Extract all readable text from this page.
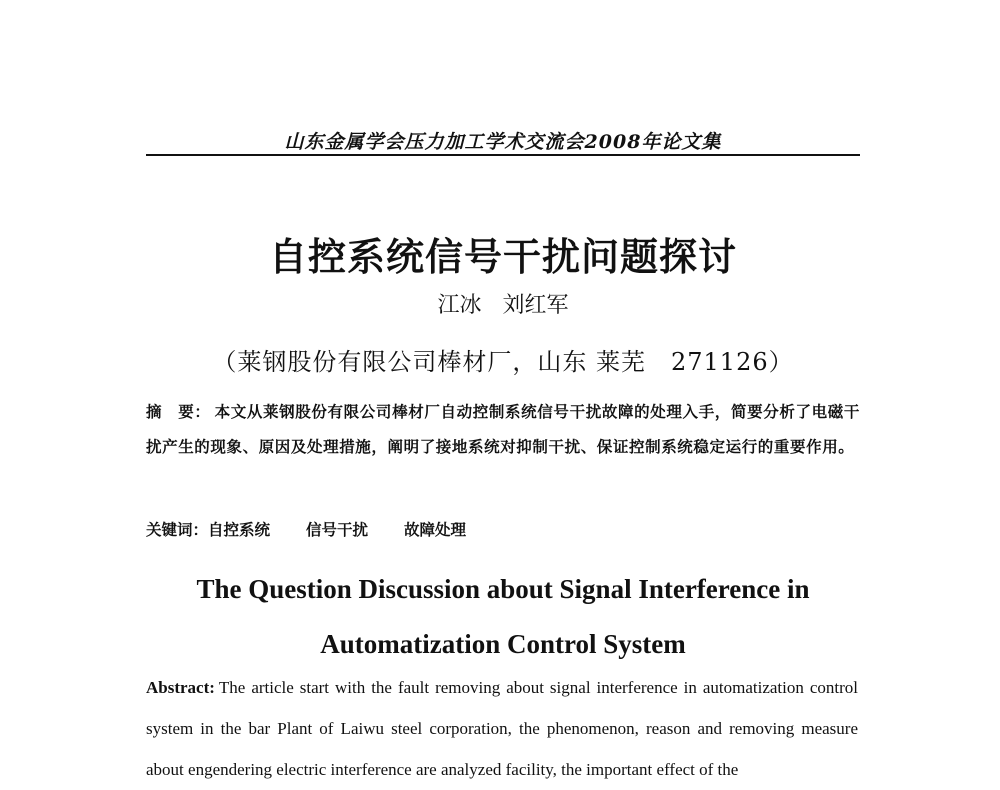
山东金属学会压力加工学术交流会2008年论文集
自控系统信号干扰问题探讨
江冰 刘红军
（莱钢股份有限公司棒材厂，山东 莱芜　271126）
摘　要： 本文从莱钢股份有限公司棒材厂自动控制系统信号干扰故障的处理入手，简要分析了电磁干扰产生的现象、原因及处理措施，阐明了接地系统对抑制干扰、保证控制系统稳定运行的重要作用。
关键词：自控系统 信号干扰 故障处理
The Question Discussion about Signal Interference in
Automatization Control System
Abstract: The article start with the fault removing about signal interference in automatization control system in the bar Plant of Laiwu steel corporation, the phenomenon, reason and removing measure about engendering electric interference are analyzed facility, the important effect of the
